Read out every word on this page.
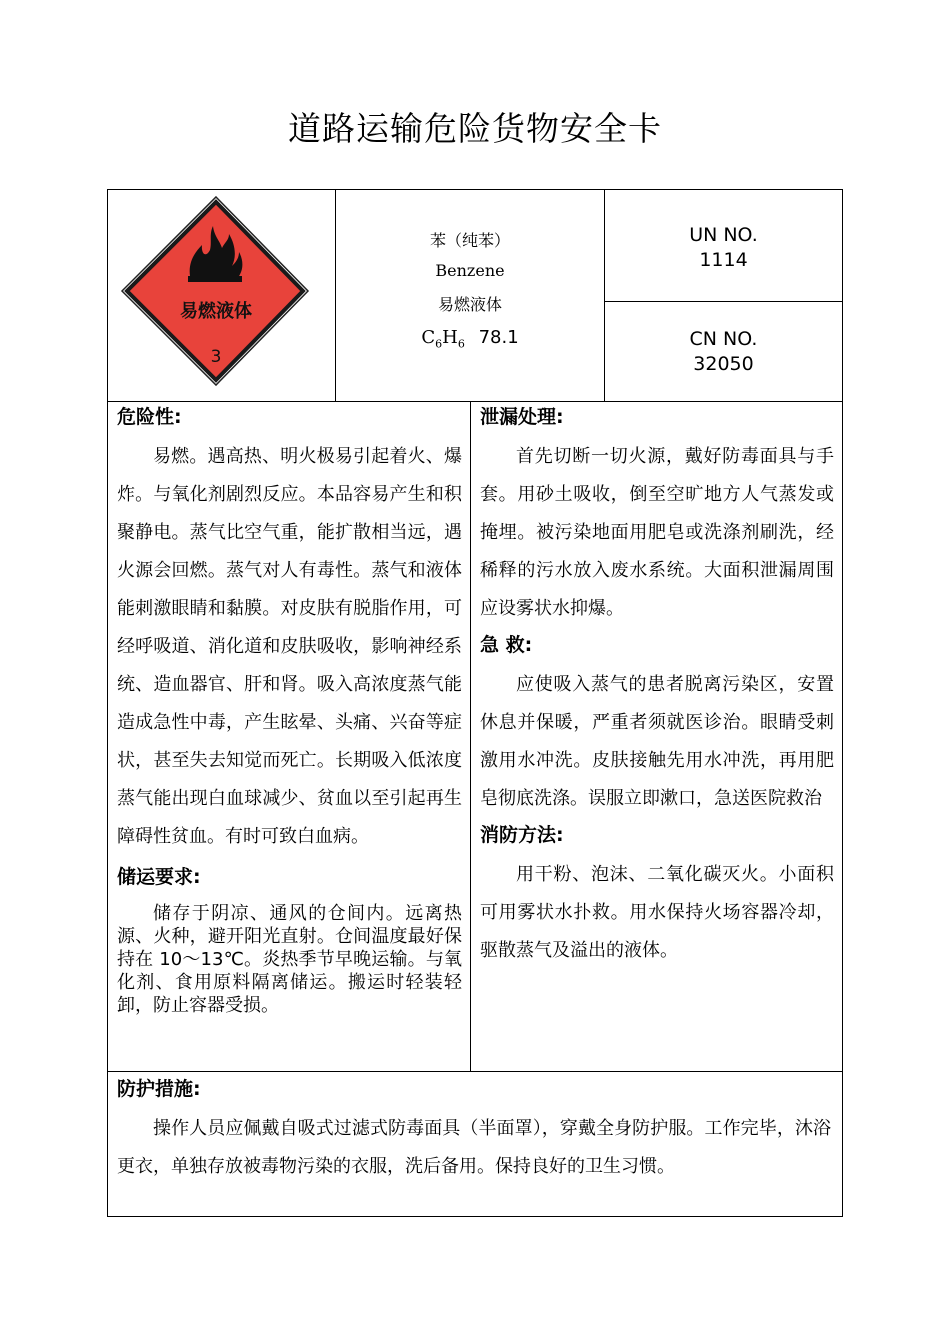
道路运输危险货物安全卡
易燃液体
3
苯（纯苯）
Benzene
易燃液体
$C_6H_6$ 78.1
UN NO.
1114
CN NO.
32050
危险性:
易燃。遇高热、明火极易引起着火、爆炸。与氧化剂剧烈反应。本品容易产生和积聚静电。蒸气比空气重，能扩散相当远，遇火源会回燃。蒸气对人有毒性。蒸气和液体能刺激眼睛和黏膜。对皮肤有脱脂作用，可经呼吸道、消化道和皮肤吸收，影响神经系统、造血器官、肝和肾。吸入高浓度蒸气能造成急性中毒，产生眩晕、头痛、兴奋等症状，甚至失去知觉而死亡。长期吸入低浓度蒸气能出现白血球减少、贫血以至引起再生障碍性贫血。有时可致白血病。
储运要求:
储存于阴凉、通风的仓间内。远离热源、火种，避开阳光直射。仓间温度最好保持在 10～13℃。炎热季节早晚运输。与氧化剂、食用原料隔离储运。搬运时轻装轻卸，防止容器受损。
泄漏处理:
首先切断一切火源，戴好防毒面具与手套。用砂土吸收，倒至空旷地方人气蒸发或掩埋。被污染地面用肥皂或洗涤剂刷洗，经稀释的污水放入废水系统。大面积泄漏周围应设雾状水抑爆。
急 救:
应使吸入蒸气的患者脱离污染区，安置休息并保暖，严重者须就医诊治。眼睛受刺激用水冲洗。皮肤接触先用水冲洗，再用肥皂彻底洗涤。误服立即漱口，急送医院救治
消防方法:
用干粉、泡沫、二氧化碳灭火。小面积可用雾状水扑救。用水保持火场容器冷却，驱散蒸气及溢出的液体。
防护措施:
操作人员应佩戴自吸式过滤式防毒面具（半面罩），穿戴全身防护服。工作完毕，沐浴更衣，单独存放被毒物污染的衣服，洗后备用。保持良好的卫生习惯。
